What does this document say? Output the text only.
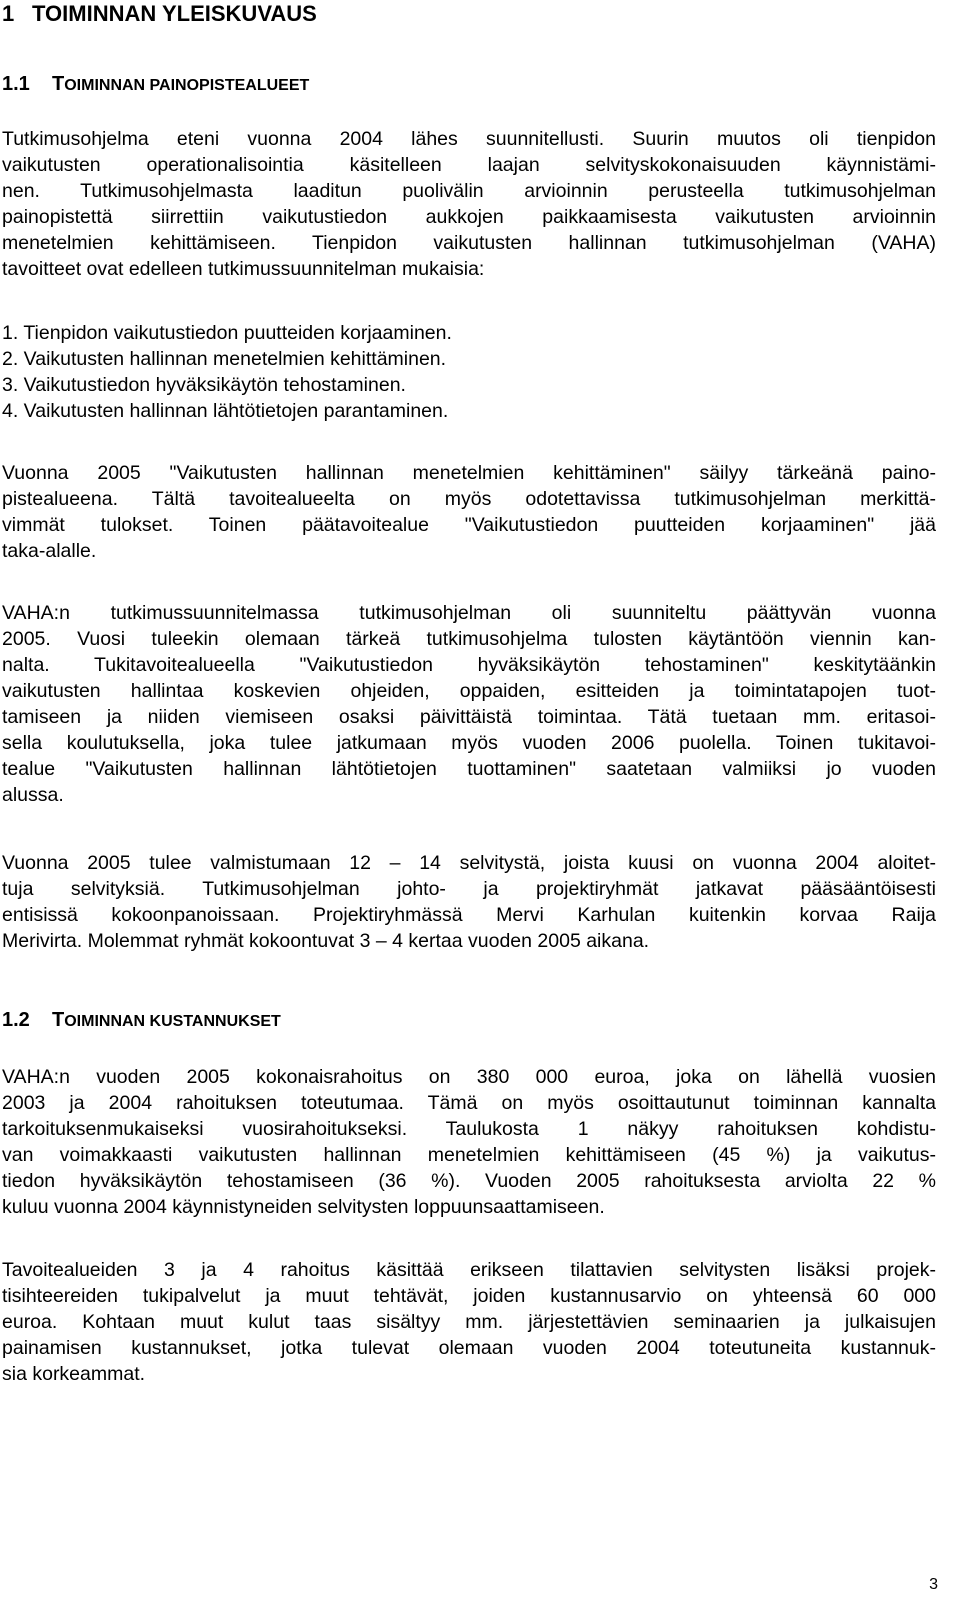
1 TOIMINNAN YLEISKUVAUS
1.1 TOIMINNAN PAINOPISTEALUEET
Tutkimusohjelma eteni vuonna 2004 lähes suunnitellusti. Suurin muutos oli tienpidon
vaikutusten operationalisointia käsitelleen laajan selvityskokonaisuuden käynnistämi-
nen. Tutkimusohjelmasta laaditun puolivälin arvioinnin perusteella tutkimusohjelman
painopistettä siirrettiin vaikutustiedon aukkojen paikkaamisesta vaikutusten arvioinnin
menetelmien kehittämiseen. Tienpidon vaikutusten hallinnan tutkimusohjelman (VAHA)
tavoitteet ovat edelleen tutkimussuunnitelman mukaisia:
1. Tienpidon vaikutustiedon puutteiden korjaaminen.
2. Vaikutusten hallinnan menetelmien kehittäminen.
3. Vaikutustiedon hyväksikäytön tehostaminen.
4. Vaikutusten hallinnan lähtötietojen parantaminen.
Vuonna 2005 "Vaikutusten hallinnan menetelmien kehittäminen" säilyy tärkeänä paino-
pistealueena. Tältä tavoitealueelta on myös odotettavissa tutkimusohjelman merkittä-
vimmät tulokset. Toinen päätavoitealue "Vaikutustiedon puutteiden korjaaminen" jää
taka-alalle.
VAHA:n tutkimussuunnitelmassa tutkimusohjelman oli suunniteltu päättyvän vuonna
2005. Vuosi tuleekin olemaan tärkeä tutkimusohjelma tulosten käytäntöön viennin kan-
nalta. Tukitavoitealueella "Vaikutustiedon hyväksikäytön tehostaminen" keskitytäänkin
vaikutusten hallintaa koskevien ohjeiden, oppaiden, esitteiden ja toimintatapojen tuot-
tamiseen ja niiden viemiseen osaksi päivittäistä toimintaa. Tätä tuetaan mm. eritasoi-
sella koulutuksella, joka tulee jatkumaan myös vuoden 2006 puolella. Toinen tukitavoi-
tealue "Vaikutusten hallinnan lähtötietojen tuottaminen" saatetaan valmiiksi jo vuoden
alussa.
Vuonna 2005 tulee valmistumaan 12 – 14 selvitystä, joista kuusi on vuonna 2004 aloitet-
tuja selvityksiä. Tutkimusohjelman johto- ja projektiryhmät jatkavat pääsääntöisesti
entisissä kokoonpanoissaan. Projektiryhmässä Mervi Karhulan kuitenkin korvaa Raija
Merivirta. Molemmat ryhmät kokoontuvat 3 – 4 kertaa vuoden 2005 aikana.
1.2 TOIMINNAN KUSTANNUKSET
VAHA:n vuoden 2005 kokonaisrahoitus on 380 000 euroa, joka on lähellä vuosien
2003 ja 2004 rahoituksen toteutumaa. Tämä on myös osoittautunut toiminnan kannalta
tarkoituksenmukaiseksi vuosirahoitukseksi. Taulukosta 1 näkyy rahoituksen kohdistu-
van voimakkaasti vaikutusten hallinnan menetelmien kehittämiseen (45 %) ja vaikutus-
tiedon hyväksikäytön tehostamiseen (36 %). Vuoden 2005 rahoituksesta arviolta 22 %
kuluu vuonna 2004 käynnistyneiden selvitysten loppuunsaattamiseen.
Tavoitealueiden 3 ja 4 rahoitus käsittää erikseen tilattavien selvitysten lisäksi projek-
tisihteereiden tukipalvelut ja muut tehtävät, joiden kustannusarvio on yhteensä 60 000
euroa. Kohtaan muut kulut taas sisältyy mm. järjestettävien seminaarien ja julkaisujen
painamisen kustannukset, jotka tulevat olemaan vuoden 2004 toteutuneita kustannuk-
sia korkeammat.
3
